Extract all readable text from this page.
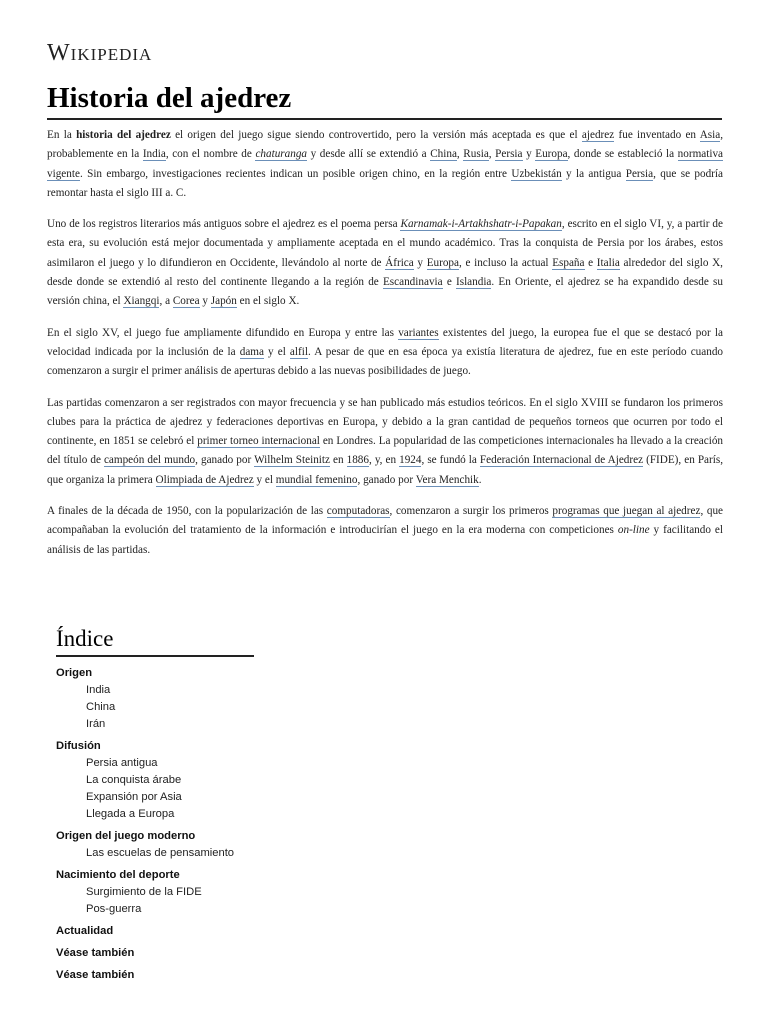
Wikipedia
Historia del ajedrez

En la historia del ajedrez el origen del juego sigue siendo controvertido, pero la versión más aceptada es que el ajedrez fue inventado en Asia, probablemente en la India, con el nombre de chaturanga y desde allí se extendió a China, Rusia, Persia y Europa, donde se estableció la normativa vigente. Sin embargo, investigaciones recientes indican un posible origen chino, en la región entre Uzbekistán y la antigua Persia, que se podría remontar hasta el siglo III a. C.

Uno de los registros literarios más antiguos sobre el ajedrez es el poema persa Karnamak-i-Artakhshatr-i-Papakan, escrito en el siglo VI, y, a partir de esta era, su evolución está mejor documentada y ampliamente aceptada en el mundo académico. Tras la conquista de Persia por los árabes, estos asimilaron el juego y lo difundieron en Occidente, llevándolo al norte de África y Europa, e incluso la actual España e Italia alrededor del siglo X, desde donde se extendió al resto del continente llegando a la región de Escandinavia e Islandia. En Oriente, el ajedrez se ha expandido desde su versión china, el Xiangqi, a Corea y Japón en el siglo X.

En el siglo XV, el juego fue ampliamente difundido en Europa y entre las variantes existentes del juego, la europea fue el que se destacó por la velocidad indicada por la inclusión de la dama y el alfil. A pesar de que en esa época ya existía literatura de ajedrez, fue en este período cuando comenzaron a surgir el primer análisis de aperturas debido a las nuevas posibilidades de juego.

Las partidas comenzaron a ser registrados con mayor frecuencia y se han publicado más estudios teóricos. En el siglo XVIII se fundaron los primeros clubes para la práctica de ajedrez y federaciones deportivas en Europa, y debido a la gran cantidad de pequeños torneos que ocurren por todo el continente, en 1851 se celebró el primer torneo internacional en Londres. La popularidad de las competiciones internacionales ha llevado a la creación del título de campeón del mundo, ganado por Wilhelm Steinitz en 1886, y, en 1924, se fundó la Federación Internacional de Ajedrez (FIDE), en París, que organiza la primera Olimpiada de Ajedrez y el mundial femenino, ganado por Vera Menchik.

A finales de la década de 1950, con la popularización de las computadoras, comenzaron a surgir los primeros programas que juegan al ajedrez, que acompañaban la evolución del tratamiento de la información e introducirían el juego en la era moderna con competiciones on-line y facilitando el análisis de las partidas.

Índice
Origen
India
China
Irán
Difusión
Persia antigua
La conquista árabe
Expansión por Asia
Llegada a Europa
Origen del juego moderno
Las escuelas de pensamiento
Nacimiento del deporte
Surgimiento de la FIDE
Pos-guerra
Actualidad
Véase también
Véase también
